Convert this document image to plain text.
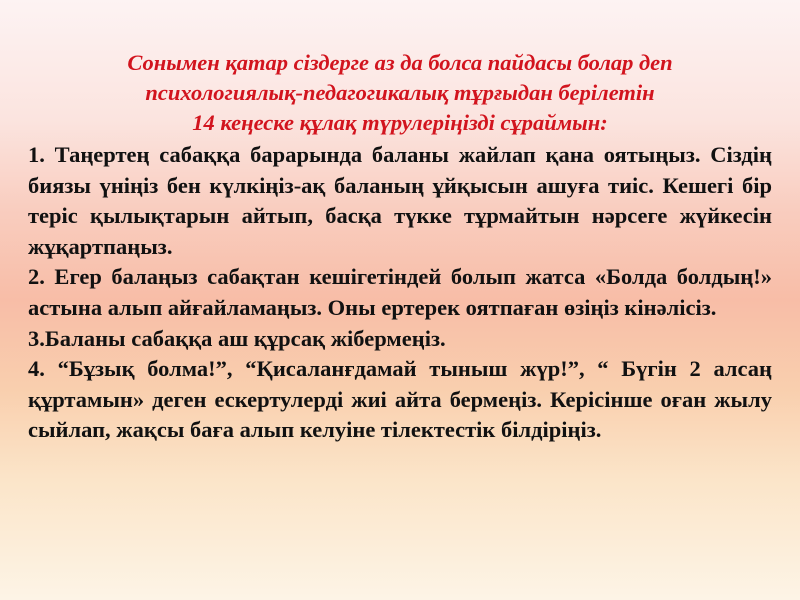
Сонымен қатар сіздерге аз да болса пайдасы болар деп
психологиялық-педагогикалық тұрғыдан берілетін
14 кеңеске құлақ түрулеріңізді сұраймын:

1. Таңертең сабаққа барарында баланы жайлап қана оятыңыз. Сіздің биязы үніңіз бен күлкіңіз-ақ баланың ұйқысын ашуға тиіс. Кешегі бір теріс қылықтарын айтып, басқа түкке тұрмайтын нәрсеге жүйкесін жұқартпаңыз.

2. Егер балаңыз сабақтан кешігетіндей болып жатса «Болда болдың!» астына алып айғайламаңыз. Оны ертерек оятпаған өзіңіз кінәлісіз.

3.Баланы сабаққа аш құрсақ жібермеңіз.

4. “Бұзық болма!”, “Қисаланғдамай тыныш жүр!”, “ Бүгін 2 алсаң құртамын» деген ескертулерді жиі айта бермеңіз. Керісінше оған жылу сыйлап, жақсы баға алып келуіне тілектестік білдіріңіз.
